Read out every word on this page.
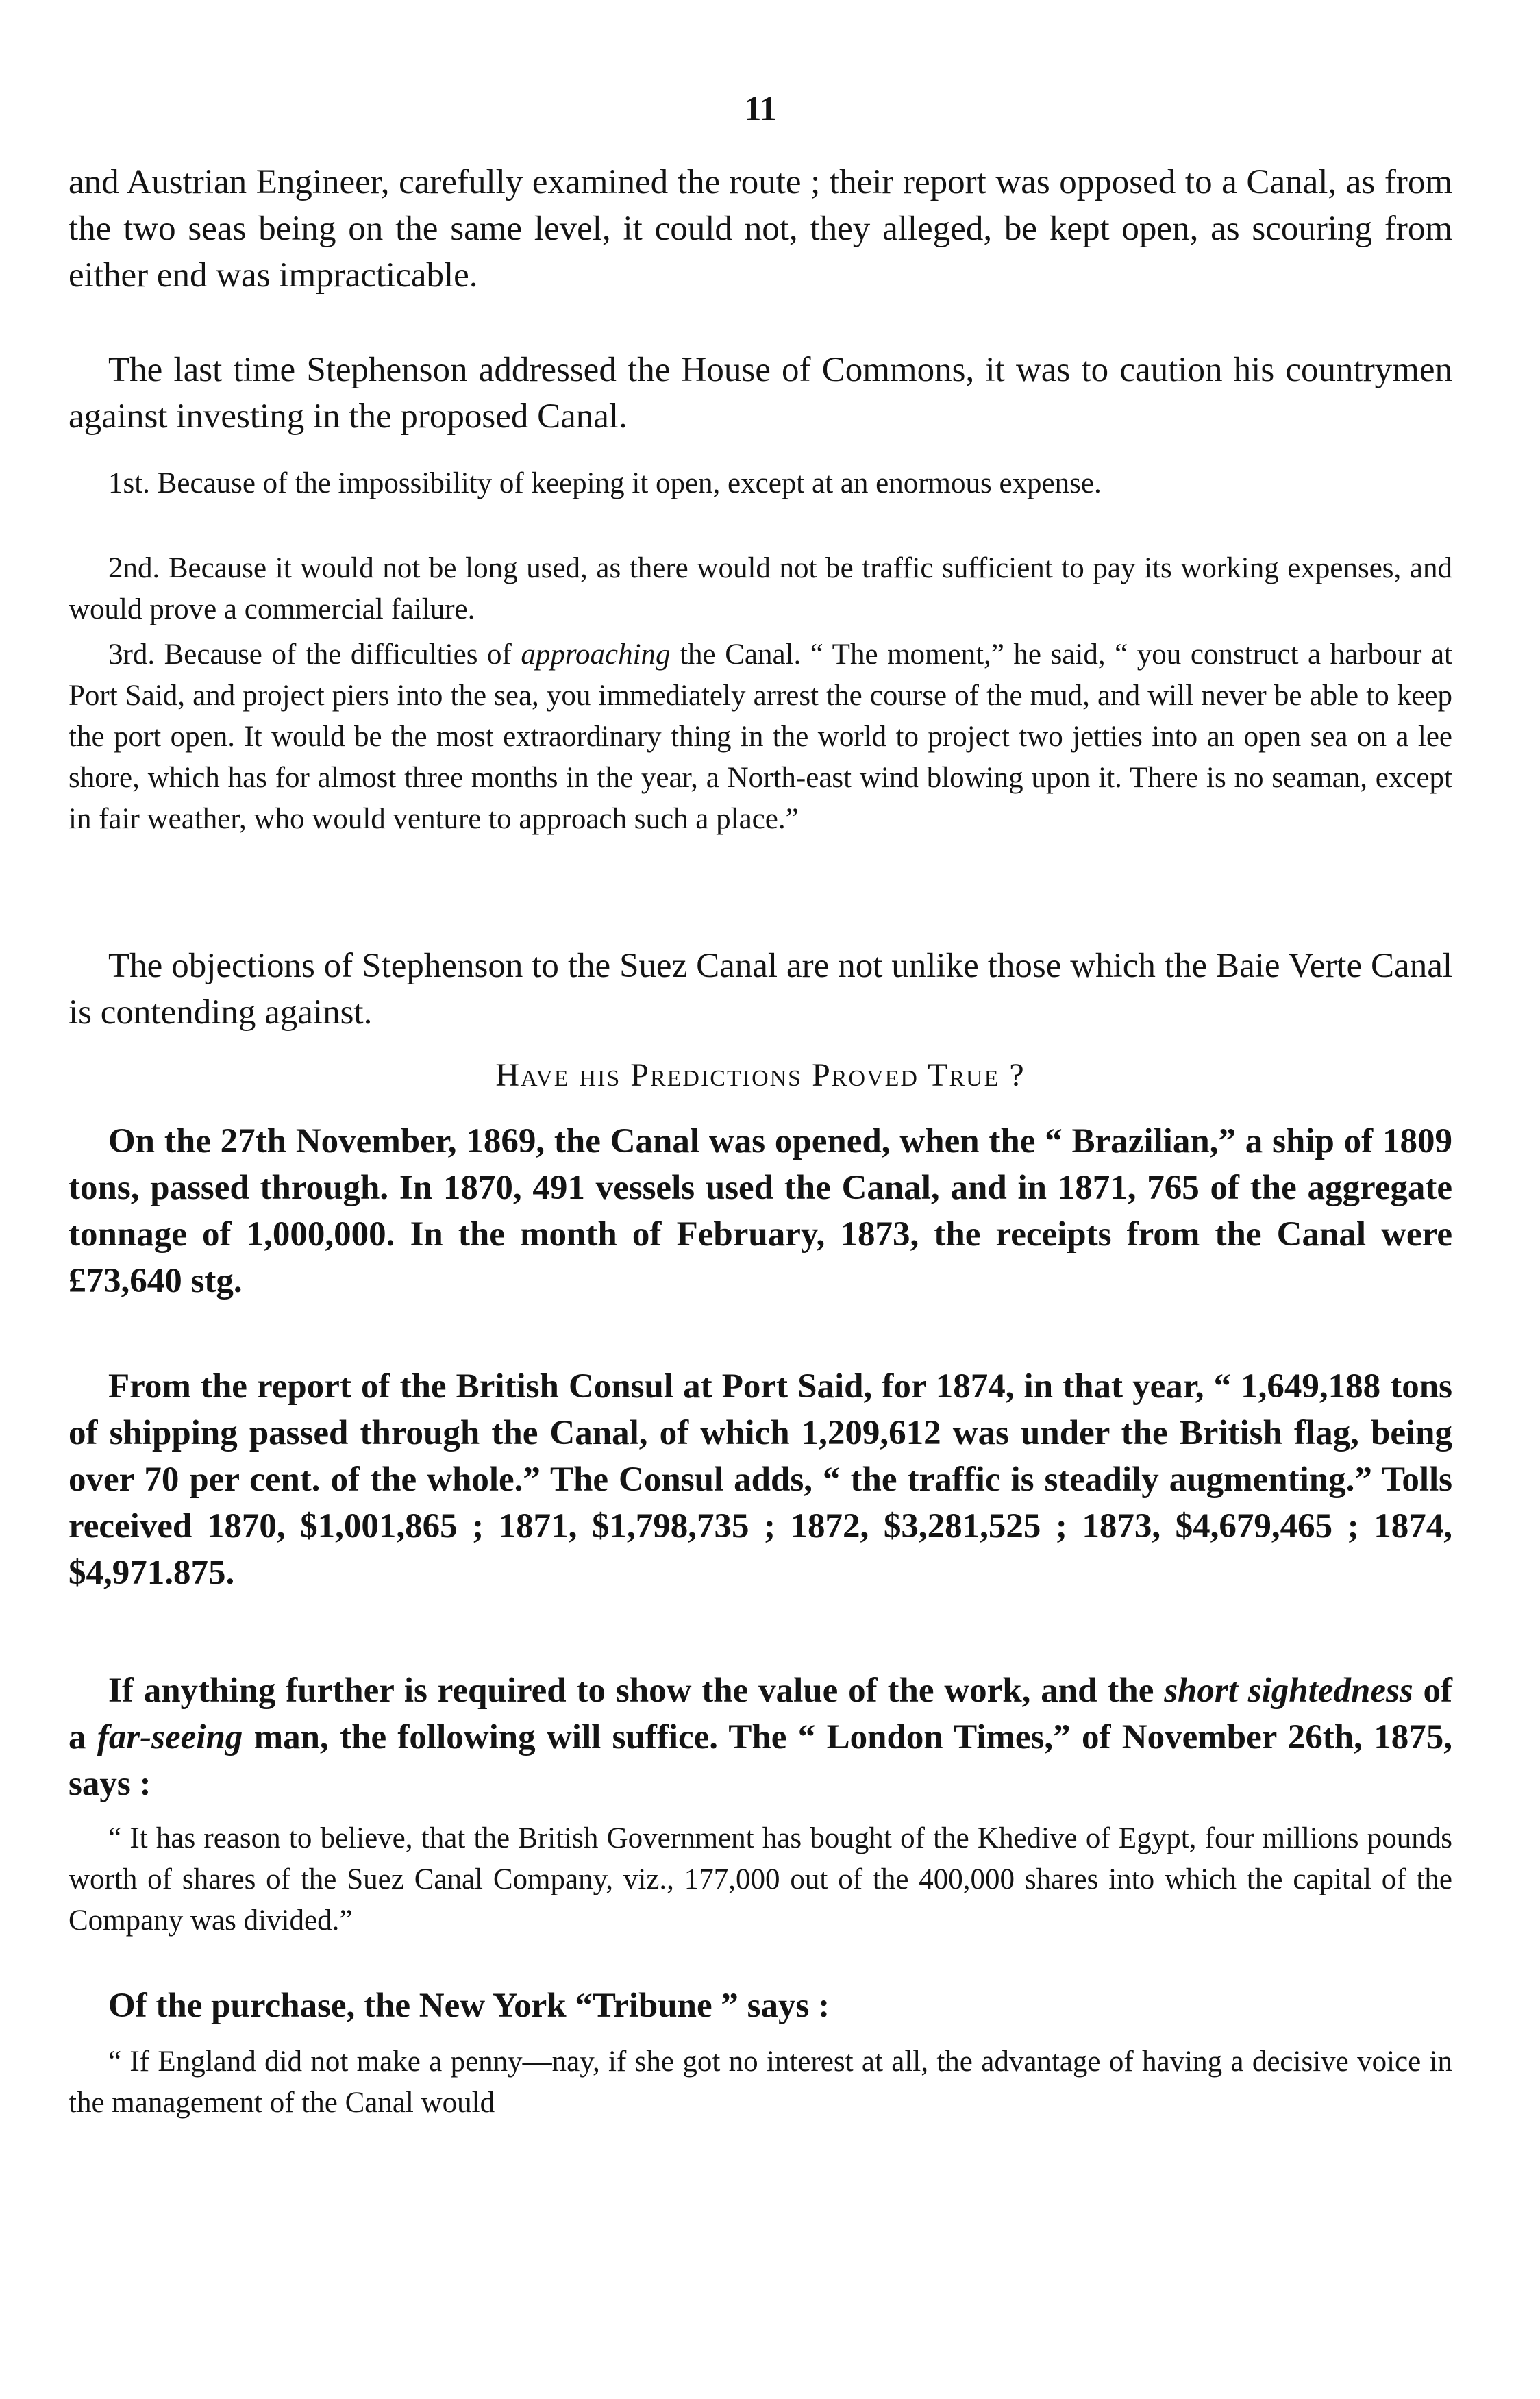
11

and Austrian Engineer, carefully examined the route ; their report was opposed to a Canal, as from the two seas being on the same level, it could not, they alleged, be kept open, as scouring from either end was impracticable.

The last time Stephenson addressed the House of Commons, it was to caution his countrymen against investing in the proposed Canal.

1st. Because of the impossibility of keeping it open, except at an enormous expense.

2nd. Because it would not be long used, as there would not be traffic sufficient to pay its working expenses, and would prove a commercial failure.

3rd. Because of the difficulties of approaching the Canal. “ The moment,” he said, “ you construct a harbour at Port Said, and project piers into the sea, you immediately arrest the course of the mud, and will never be able to keep the port open. It would be the most extraordinary thing in the world to project two jetties into an open sea on a lee shore, which has for almost three months in the year, a North-east wind blowing upon it. There is no seaman, except in fair weather, who would venture to approach such a place.”

The objections of Stephenson to the Suez Canal are not unlike those which the Baie Verte Canal is contending against.

Have his Predictions Proved True ?

On the 27th November, 1869, the Canal was opened, when the “ Brazilian,” a ship of 1809 tons, passed through. In 1870, 491 vessels used the Canal, and in 1871, 765 of the aggregate tonnage of 1,000,000. In the month of February, 1873, the receipts from the Canal were £73,640 stg.

From the report of the British Consul at Port Said, for 1874, in that year, “ 1,649,188 tons of shipping passed through the Canal, of which 1,209,612 was under the British flag, being over 70 per cent. of the whole.” The Consul adds, “ the traffic is steadily augmenting.” Tolls received 1870, $1,001,865 ; 1871, $1,798,735 ; 1872, $3,281,525 ; 1873, $4,679,465 ; 1874, $4,971.875.

If anything further is required to show the value of the work, and the short sightedness of a far-seeing man, the following will suffice. The “ London Times,” of November 26th, 1875, says :

“ It has reason to believe, that the British Government has bought of the Khedive of Egypt, four millions pounds worth of shares of the Suez Canal Company, viz., 177,000 out of the 400,000 shares into which the capital of the Company was divided.”

Of the purchase, the New York “Tribune ” says :

“ If England did not make a penny—nay, if she got no interest at all, the advantage of having a decisive voice in the management of the Canal would
